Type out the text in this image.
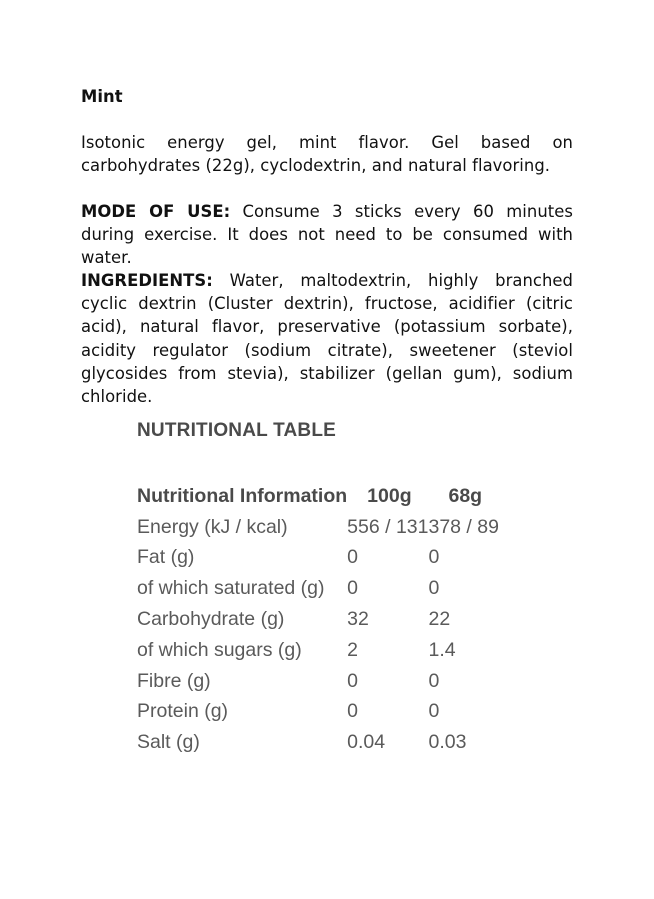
Mint
Isotonic energy gel, mint flavor. Gel based on carbohydrates (22g), cyclodextrin, and natural flavoring.
MODE OF USE: Consume 3 sticks every 60 minutes during exercise. It does not need to be consumed with water.
INGREDIENTS: Water, maltodextrin, highly branched cyclic dextrin (Cluster dextrin), fructose, acidifier (citric acid), natural flavor, preservative (potassium sorbate), acidity regulator (sodium citrate), sweetener (steviol glycosides from stevia), stabilizer (gellan gum), sodium chloride.
NUTRITIONAL TABLE
Nutritional Information	100g	68g
Energy (kJ / kcal)	556 / 131	378 / 89
Fat (g)	0	0
of which saturated (g)	0	0
Carbohydrate (g)	32	22
of which sugars (g)	2	1.4
Fibre (g)	0	0
Protein (g)	0	0
Salt (g)	0.04	0.03
